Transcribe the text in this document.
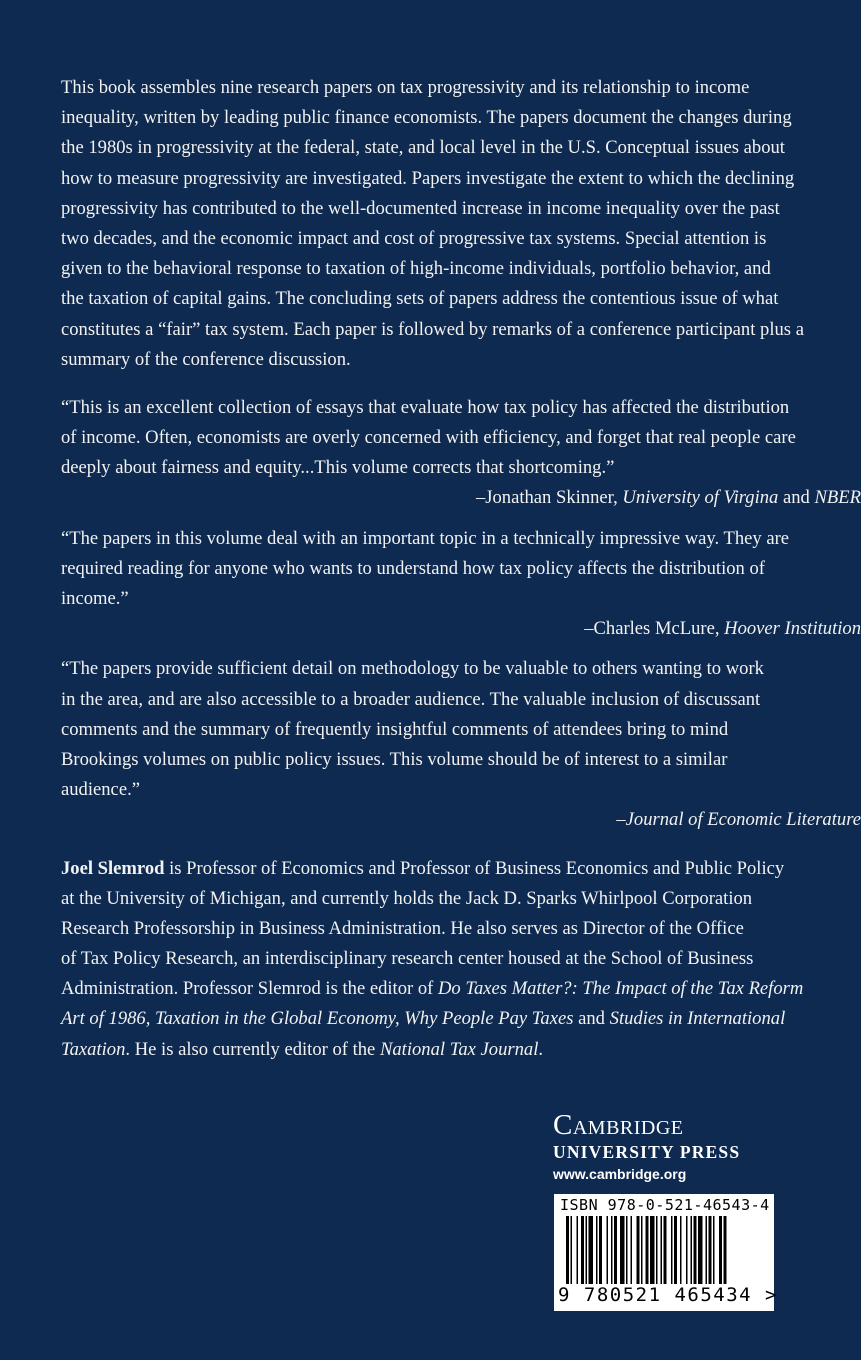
This book assembles nine research papers on tax progressivity and its relationship to income
inequality, written by leading public finance economists. The papers document the changes during
the 1980s in progressivity at the federal, state, and local level in the U.S. Conceptual issues about
how to measure progressivity are investigated. Papers investigate the extent to which the declining
progressivity has contributed to the well-documented increase in income inequality over the past
two decades, and the economic impact and cost of progressive tax systems. Special attention is
given to the behavioral response to taxation of high-income individuals, portfolio behavior, and
the taxation of capital gains. The concluding sets of papers address the contentious issue of what
constitutes a “fair” tax system. Each paper is followed by remarks of a conference participant plus a
summary of the conference discussion.
“This is an excellent collection of essays that evaluate how tax policy has affected the distribution
of income. Often, economists are overly concerned with efficiency, and forget that real people care
deeply about fairness and equity...This volume corrects that shortcoming.”
–Jonathan Skinner, University of Virgina and NBER
“The papers in this volume deal with an important topic in a technically impressive way. They are
required reading for anyone who wants to understand how tax policy affects the distribution of
income.”
–Charles McLure, Hoover Institution
“The papers provide sufficient detail on methodology to be valuable to others wanting to work
in the area, and are also accessible to a broader audience. The valuable inclusion of discussant
comments and the summary of frequently insightful comments of attendees bring to mind
Brookings volumes on public policy issues. This volume should be of interest to a similar
audience.”
–Journal of Economic Literature
Joel Slemrod is Professor of Economics and Professor of Business Economics and Public Policy
at the University of Michigan, and currently holds the Jack D. Sparks Whirlpool Corporation
Research Professorship in Business Administration. He also serves as Director of the Office
of Tax Policy Research, an interdisciplinary research center housed at the School of Business
Administration. Professor Slemrod is the editor of Do Taxes Matter?: The Impact of the Tax Reform
Art of 1986, Taxation in the Global Economy, Why People Pay Taxes and Studies in International
Taxation. He is also currently editor of the National Tax Journal.
Cambridge
UNIVERSITY PRESS
www.cambridge.org
ISBN 978-0-521-46543-4
9 780521 465434 >
